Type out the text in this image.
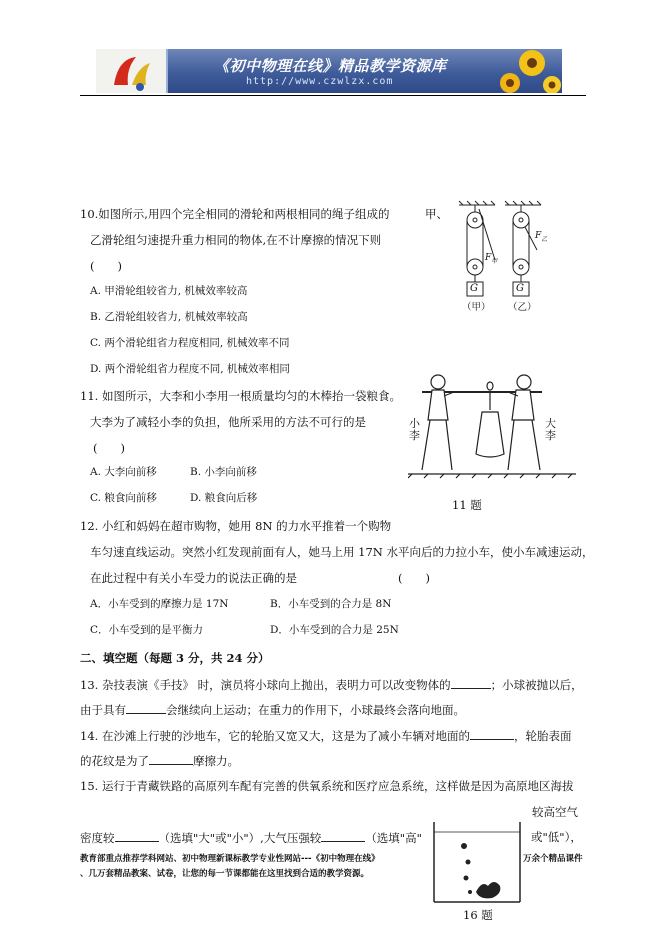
《初中物理在线》精品教学资源库
http://www.czwlzx.com
10.如图所示,用四个完全相同的滑轮和两根相同的绳子组成的
乙滑轮组匀速提升重力相同的物体,在不计摩擦的情况下则
(　　)
A. 甲滑轮组较省力, 机械效率较高
B. 乙滑轮组较省力, 机械效率较高
C. 两个滑轮组省力程度相同, 机械效率不同
D. 两个滑轮组省力程度不同, 机械效率相同
甲、
$F_甲$
$F_乙$
G	G
（甲） （乙）
11. 如图所示，大李和小李用一根质量均匀的木棒抬一袋粮食。
大李为了减轻小李的负担，他所采用的方法不可行的是
(　　)
A. 大李向前移	B. 小李向前移
C. 粮食向前移	D. 粮食向后移
小李
大李
11 题
12. 小红和妈妈在超市购物，她用 8N 的力水平推着一个购物
车匀速直线运动。突然小红发现前面有人，她马上用 17N 水平向后的力拉小车，使小车减速运动，
在此过程中有关小车受力的说法正确的是	(　　)
A．小车受到的摩擦力是 17N	B．小车受到的合力是 8N
C．小车受到的是平衡力	D．小车受到的合力是 25N
二、填空题（每题 3 分，共 24 分）
13. 杂技表演《手技》 时，演员将小球向上抛出，表明力可以改变物体的	；小球被抛以后，
由于具有	会继续向上运动；在重力的作用下，小球最终会落向地面。
14. 在沙滩上行驶的沙地车，它的轮胎又宽又大，这是为了减小车辆对地面的	，轮胎表面
的花纹是为了	摩擦力。
15. 运行于青藏铁路的高原列车配有完善的供氧系统和医疗应急系统，这样做是因为高原地区海拔
较高空气
密度较	（选填"大"或"小"）,大气压强较	（选填"高"	或"低"），
16 题
教育部重点推荐学科网站、初中物理新课标教学专业性网站---《初中物理在线》
、几万套精品教案、试卷，让您的每一节课都能在这里找到合适的教学资源。
万余个精品课件
